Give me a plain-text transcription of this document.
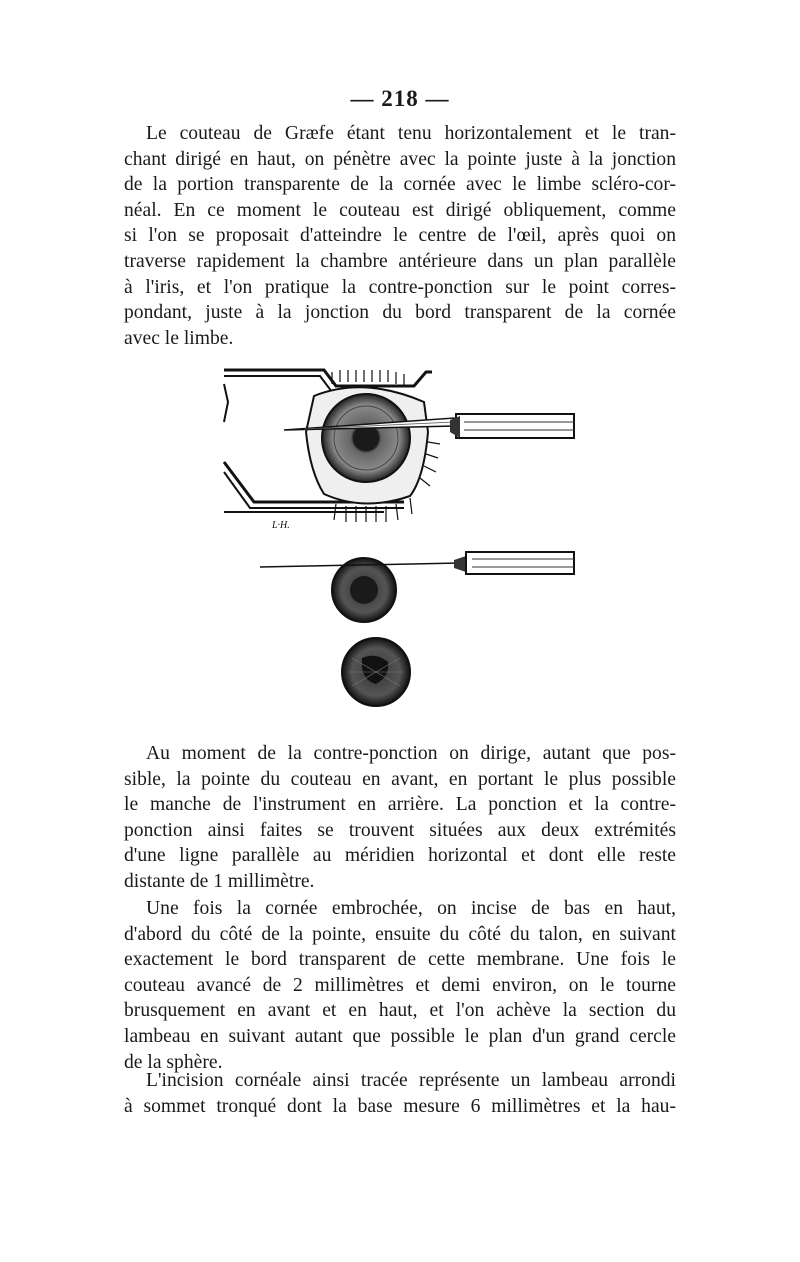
— 218 —
Le couteau de Græfe étant tenu horizontalement et le tran-
chant dirigé en haut, on pénètre avec la pointe juste à la jonction
de la portion transparente de la cornée avec le limbe scléro-cor-
néal. En ce moment le couteau est dirigé obliquement, comme
si l'on se proposait d'atteindre le centre de l'œil, après quoi on
traverse rapidement la chambre antérieure dans un plan parallèle
à l'iris, et l'on pratique la contre-ponction sur le point corres-
pondant, juste à la jonction du bord transparent de la cornée
avec le limbe.
L·H.
Au moment de la contre-ponction on dirige, autant que pos-
sible, la pointe du couteau en avant, en portant le plus possible
le manche de l'instrument en arrière. La ponction et la contre-
ponction ainsi faites se trouvent situées aux deux extrémités
d'une ligne parallèle au méridien horizontal et dont elle reste
distante de 1 millimètre.
Une fois la cornée embrochée, on incise de bas en haut,
d'abord du côté de la pointe, ensuite du côté du talon, en suivant
exactement le bord transparent de cette membrane. Une fois le
couteau avancé de 2 millimètres et demi environ, on le tourne
brusquement en avant et en haut, et l'on achève la section du
lambeau en suivant autant que possible le plan d'un grand cercle
de la sphère.
L'incision cornéale ainsi tracée représente un lambeau arrondi
à sommet tronqué dont la base mesure 6 millimètres et la hau-
